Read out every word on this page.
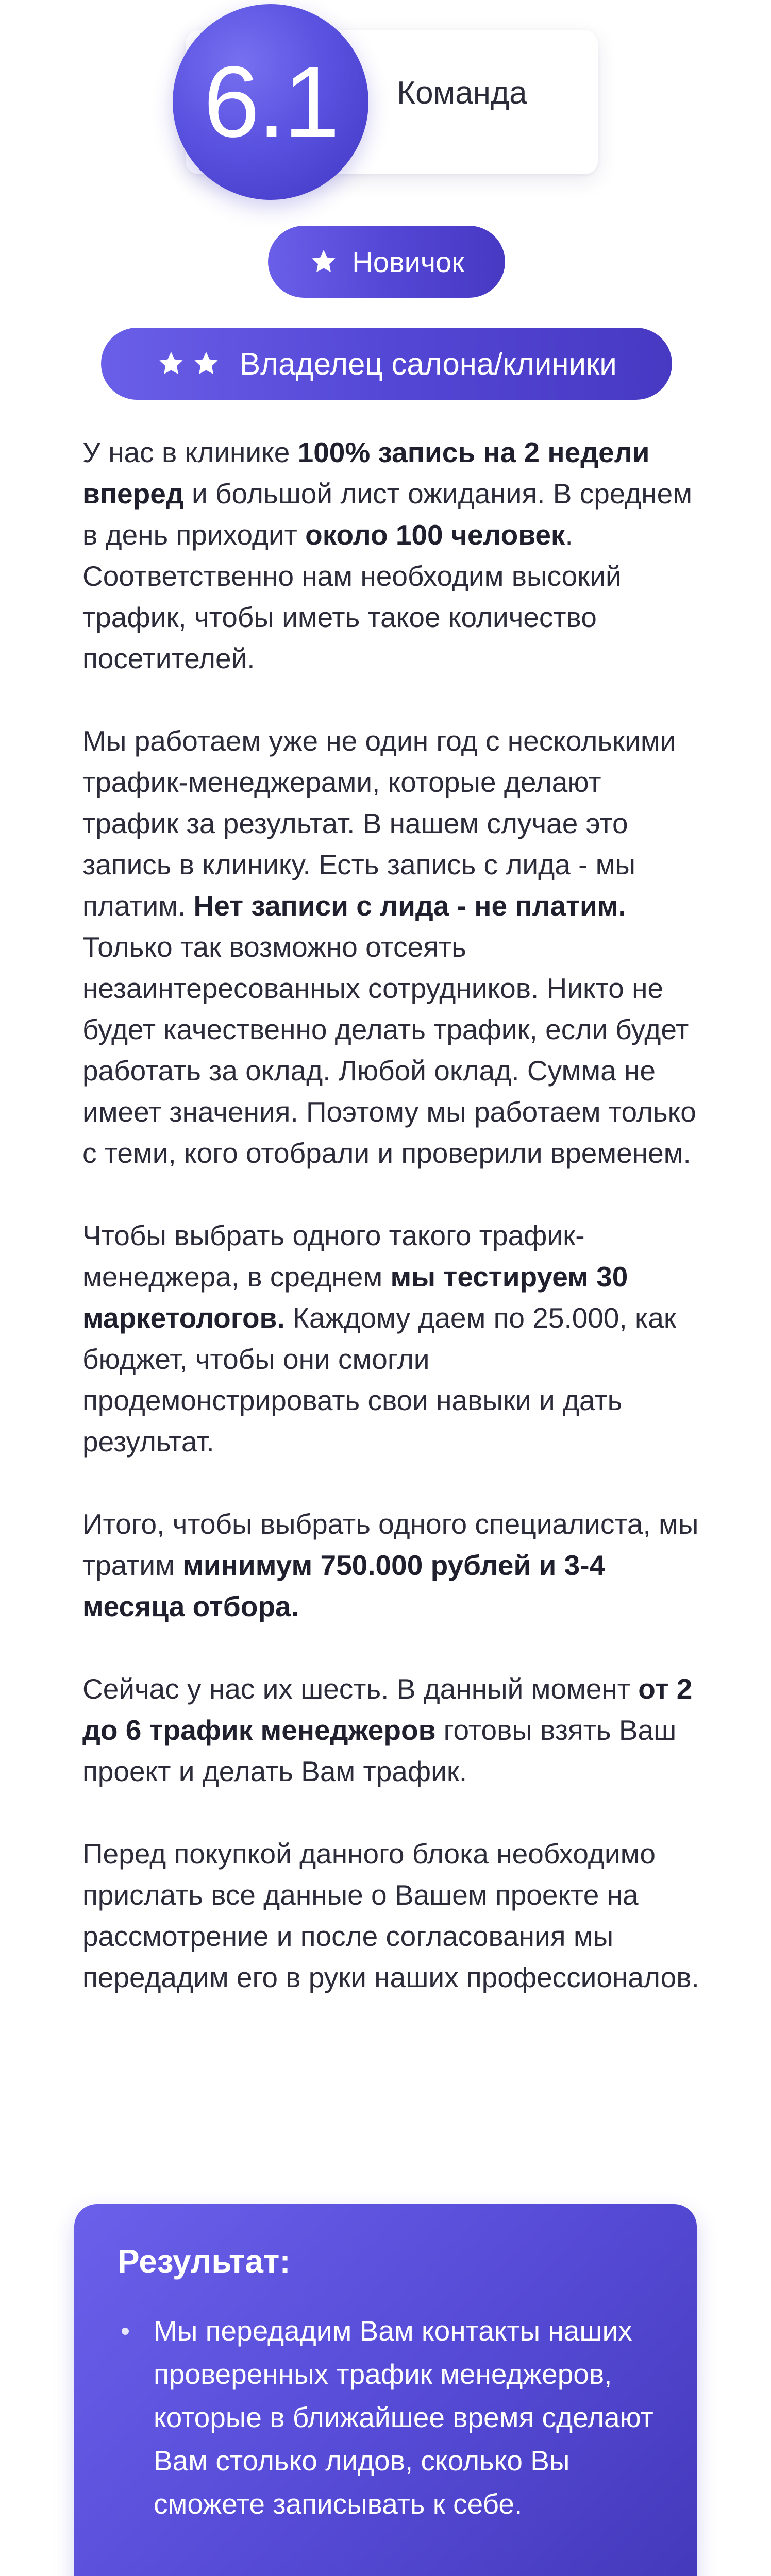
6.1 Команда
Новичок
Владелец салона/клиники

У нас в клинике 100% запись на 2 недели вперед и большой лист ожидания. В среднем в день приходит около 100 человек. Соответственно нам необходим высокий трафик, чтобы иметь такое количество посетителей.

Мы работаем уже не один год с несколькими трафик-менеджерами, которые делают трафик за результат. В нашем случае это запись в клинику. Есть запись с лида - мы платим. Нет записи с лида - не платим. Только так возможно отсеять незаинтересованных сотрудников. Никто не будет качественно делать трафик, если будет работать за оклад. Любой оклад. Сумма не имеет значения. Поэтому мы работаем только с теми, кого отобрали и проверили временем.

Чтобы выбрать одного такого трафик-менеджера, в среднем мы тестируем 30 маркетологов. Каждому даем по 25.000, как бюджет, чтобы они смогли продемонстрировать свои навыки и дать результат.

Итого, чтобы выбрать одного специалиста, мы тратим минимум 750.000 рублей и 3-4 месяца отбора.

Сейчас у нас их шесть. В данный момент от 2 до 6 трафик менеджеров готовы взять Ваш проект и делать Вам трафик.

Перед покупкой данного блока необходимо прислать все данные о Вашем проекте на рассмотрение и после согласования мы передадим его в руки наших профессионалов.

Результат:
Мы передадим Вам контакты наших проверенных трафик менеджеров, которые в ближайшее время сделают Вам столько лидов, сколько Вы сможете записывать к себе.
